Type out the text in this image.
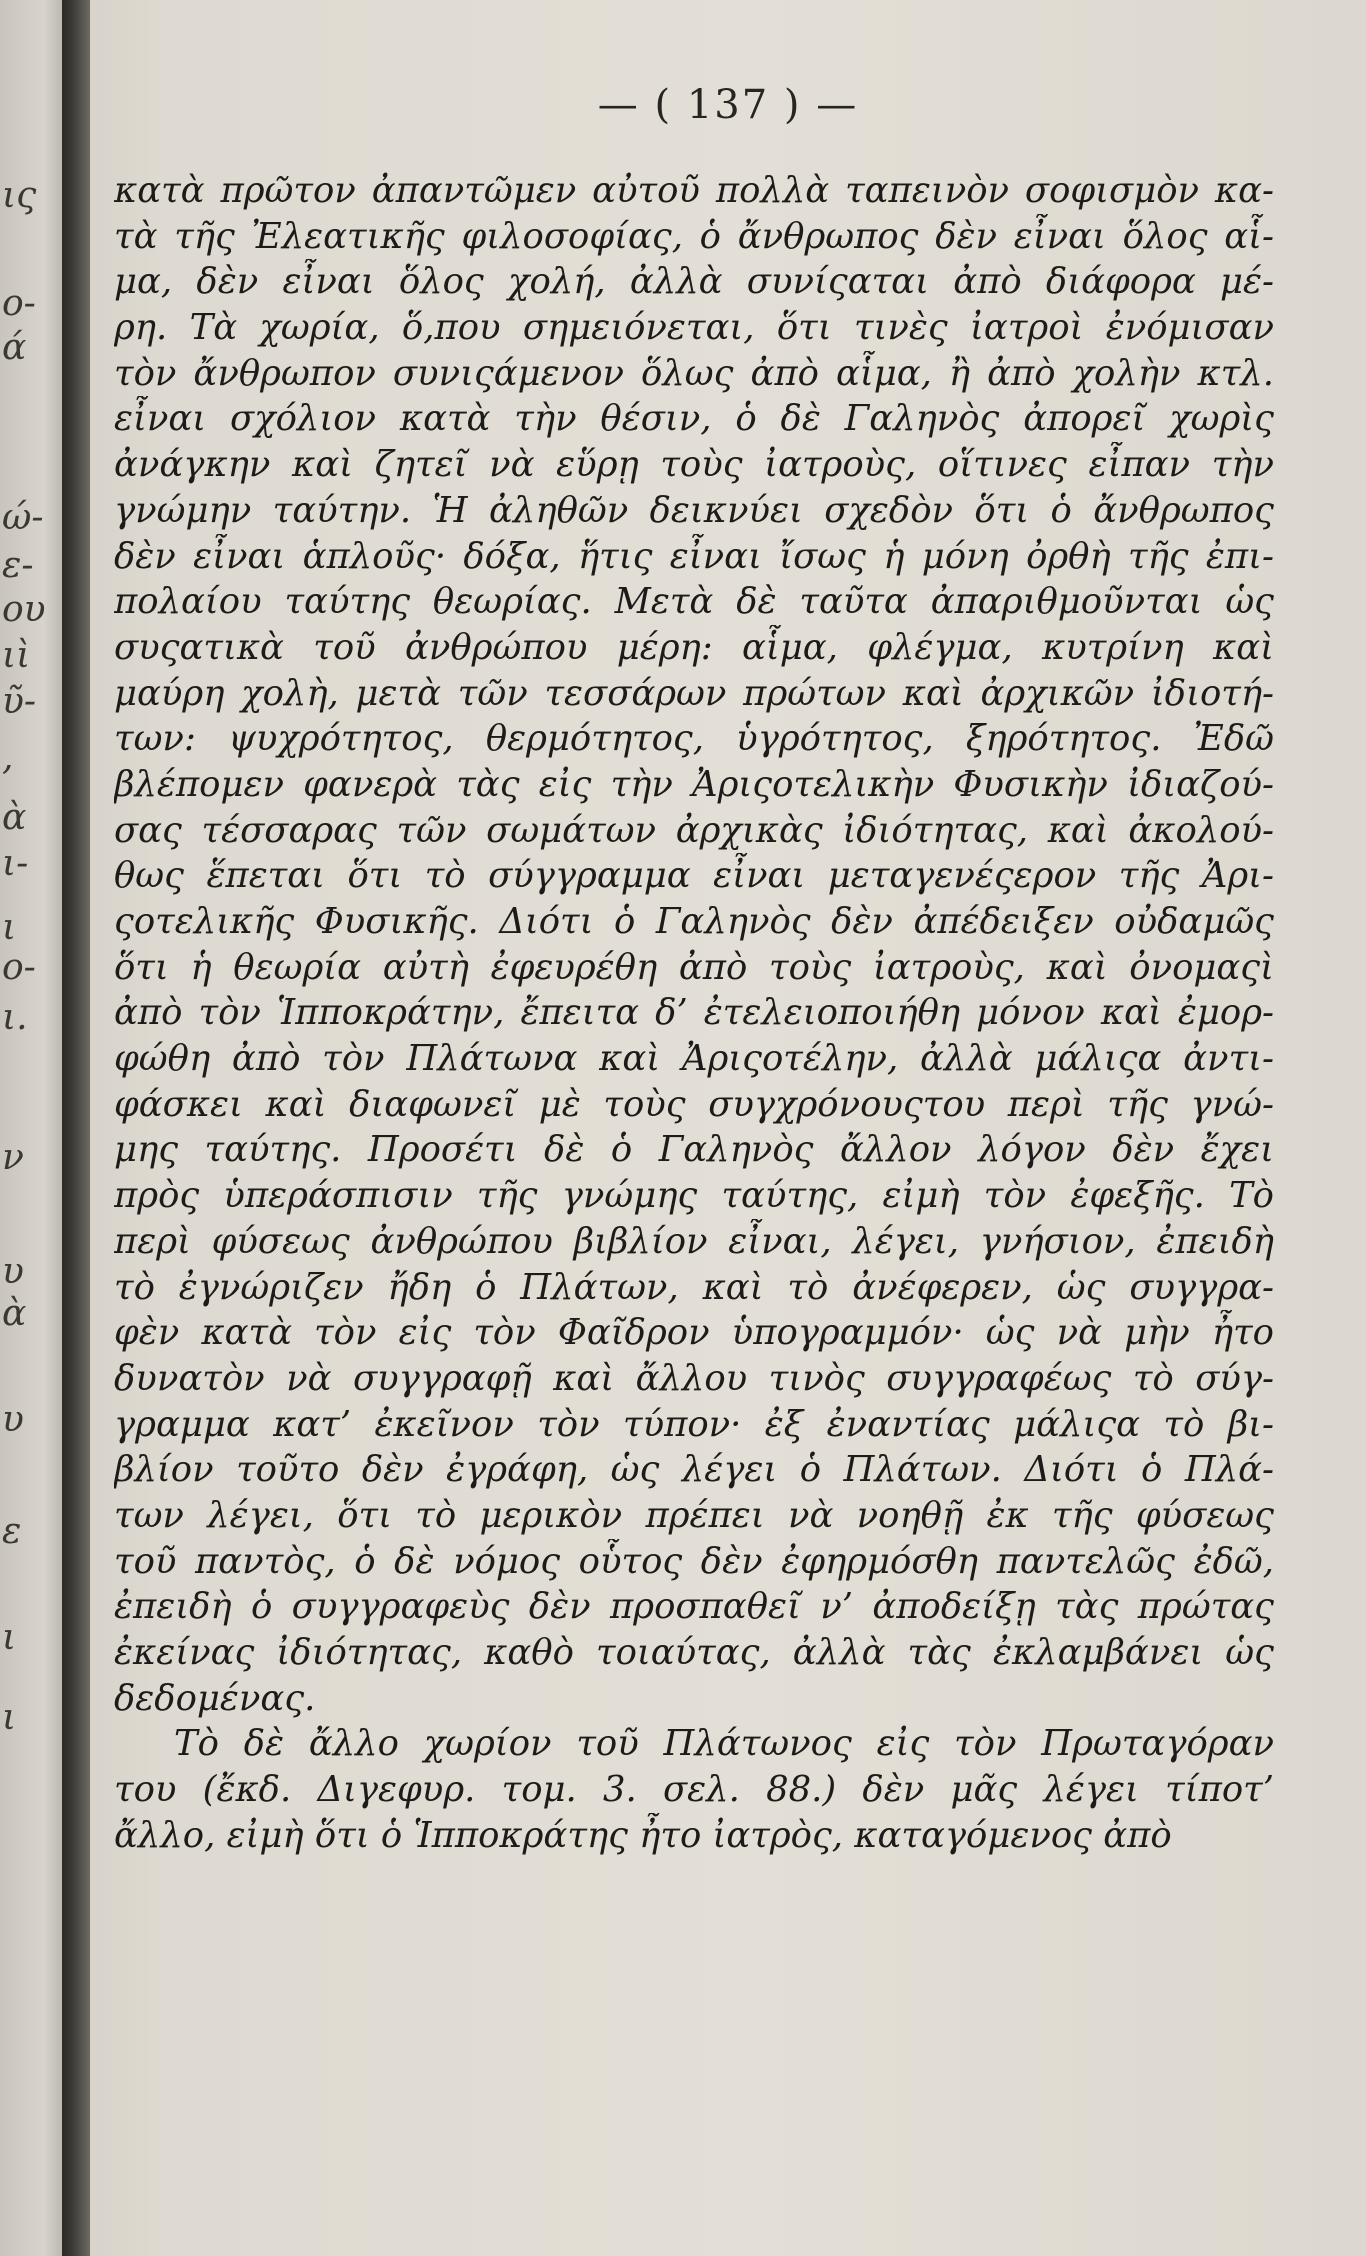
ις
ο-
ά
ώ-
ε-
ου
ιὶ
ῦ-
,
ὰ
ι-
ι
ο-
ι.
ν
υ
ὰ
υ
ε
ι
ι
— ( 137 ) —
κατὰ πρῶτον ἀπαντῶμεν αὐτοῦ πολλὰ ταπεινὸν σοφισμὸν κα-
τὰ τῆς Ἐλεατικῆς φιλοσοφίας, ὁ ἄνθρωπος δὲν εἶναι ὅλος αἷ-
μα, δὲν εἶναι ὅλος χολή, ἀλλὰ συνίςαται ἀπὸ διάφορα μέ-
ρη. Τὰ χωρία, ὅ,που σημειόνεται, ὅτι τινὲς ἰατροὶ ἐνόμισαν
τὸν ἄνθρωπον συνιςάμενον ὅλως ἀπὸ αἷμα, ἢ ἀπὸ χολὴν κτλ.
εἶναι σχόλιον κατὰ τὴν θέσιν, ὁ δὲ Γαληνὸς ἀπορεῖ χωρὶς
ἀνάγκην καὶ ζητεῖ νὰ εὕρῃ τοὺς ἰατροὺς, οἵτινες εἶπαν τὴν
γνώμην ταύτην. Ἡ ἀληθῶν δεικνύει σχεδὸν ὅτι ὁ ἄνθρωπος
δὲν εἶναι ἁπλοῦς· δόξα, ἥτις εἶναι ἴσως ἡ μόνη ὀρθὴ τῆς ἐπι-
πολαίου ταύτης θεωρίας. Μετὰ δὲ ταῦτα ἀπαριθμοῦνται ὡς
συςατικὰ τοῦ ἀνθρώπου μέρη: αἷμα, φλέγμα, κυτρίνη καὶ
μαύρη χολὴ, μετὰ τῶν τεσσάρων πρώτων καὶ ἀρχικῶν ἰδιοτή-
των: ψυχρότητος, θερμότητος, ὑγρότητος, ξηρότητος. Ἐδῶ
βλέπομεν φανερὰ τὰς εἰς τὴν Ἀριςοτελικὴν Φυσικὴν ἰδιαζού-
σας τέσσαρας τῶν σωμάτων ἀρχικὰς ἰδιότητας, καὶ ἀκολού-
θως ἕπεται ὅτι τὸ σύγγραμμα εἶναι μεταγενέςερον τῆς Ἀρι-
ςοτελικῆς Φυσικῆς. Διότι ὁ Γαληνὸς δὲν ἀπέδειξεν οὐδαμῶς
ὅτι ἡ θεωρία αὐτὴ ἐφευρέθη ἀπὸ τοὺς ἰατροὺς, καὶ ὀνομαςὶ
ἀπὸ τὸν Ἱπποκράτην, ἔπειτα δ’ ἐτελειοποιήθη μόνον καὶ ἐμορ-
φώθη ἀπὸ τὸν Πλάτωνα καὶ Ἀριςοτέλην, ἀλλὰ μάλιςα ἀντι-
φάσκει καὶ διαφωνεῖ μὲ τοὺς συγχρόνουςτου περὶ τῆς γνώ-
μης ταύτης. Προσέτι δὲ ὁ Γαληνὸς ἄλλον λόγον δὲν ἔχει
πρὸς ὑπεράσπισιν τῆς γνώμης ταύτης, εἰμὴ τὸν ἐφεξῆς. Τὸ
περὶ φύσεως ἀνθρώπου βιβλίον εἶναι, λέγει, γνήσιον, ἐπειδὴ
τὸ ἐγνώριζεν ἤδη ὁ Πλάτων, καὶ τὸ ἀνέφερεν, ὡς συγγρα-
φὲν κατὰ τὸν εἰς τὸν Φαῖδρον ὑπογραμμόν· ὡς νὰ μὴν ἦτο
δυνατὸν νὰ συγγραφῇ καὶ ἄλλου τινὸς συγγραφέως τὸ σύγ-
γραμμα κατ’ ἐκεῖνον τὸν τύπον· ἐξ ἐναντίας μάλιςα τὸ βι-
βλίον τοῦτο δὲν ἐγράφη, ὡς λέγει ὁ Πλάτων. Διότι ὁ Πλά-
των λέγει, ὅτι τὸ μερικὸν πρέπει νὰ νοηθῇ ἐκ τῆς φύσεως
τοῦ παντὸς, ὁ δὲ νόμος οὗτος δὲν ἐφηρμόσθη παντελῶς ἐδῶ,
ἐπειδὴ ὁ συγγραφεὺς δὲν προσπαθεῖ ν’ ἀποδείξῃ τὰς πρώτας
ἐκείνας ἰδιότητας, καθὸ τοιαύτας, ἀλλὰ τὰς ἐκλαμβάνει ὡς
δεδομένας.
Τὸ δὲ ἄλλο χωρίον τοῦ Πλάτωνος εἰς τὸν Πρωταγόραν
του (ἔκδ. Διγεφυρ. τομ. 3. σελ. 88.) δὲν μᾶς λέγει τίποτ’
ἄλλο, εἰμὴ ὅτι ὁ Ἱπποκράτης ἦτο ἰατρὸς, καταγόμενος ἀπὸ
